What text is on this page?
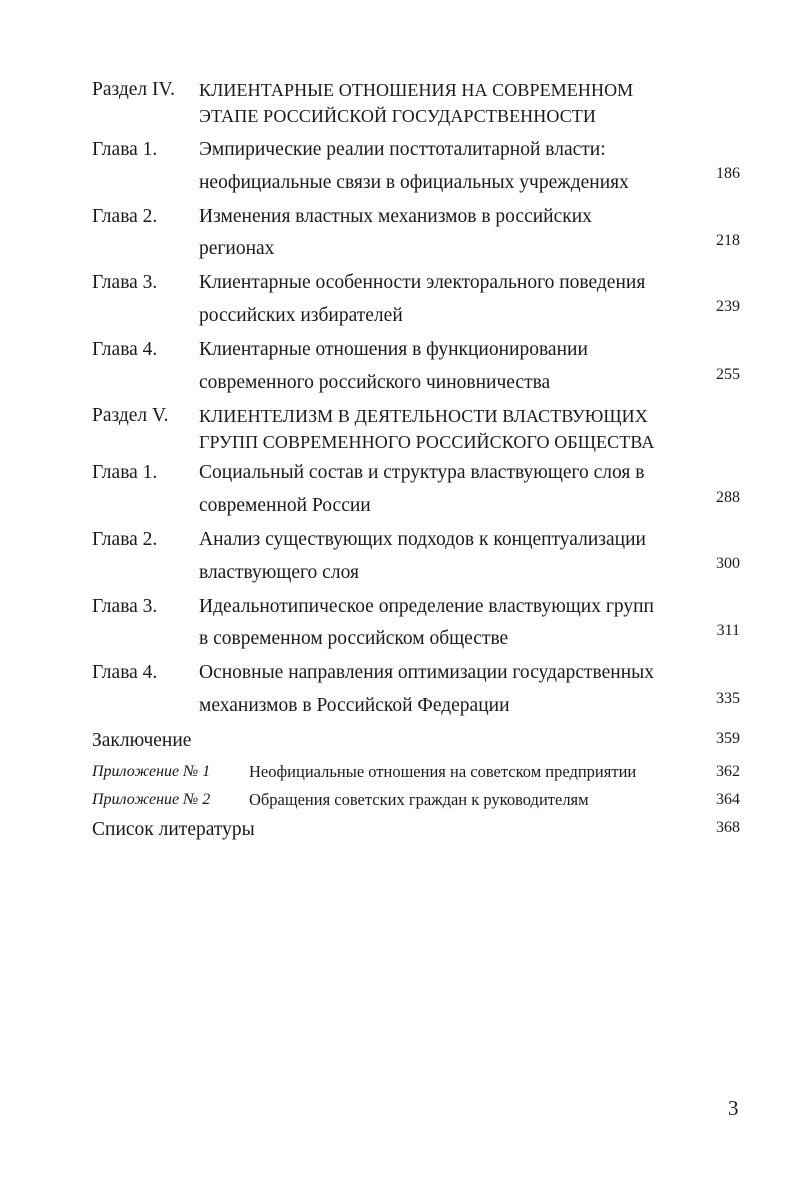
Раздел IV. КЛИЕНТАРНЫЕ ОТНОШЕНИЯ НА СОВРЕМЕННОМ
ЭТАПЕ РОССИЙСКОЙ ГОСУДАРСТВЕННОСТИ
Глава 1. Эмпирические реалии посттоталитарной власти:
неофициальные связи в официальных учреждениях	186
Глава 2. Изменения властных механизмов в российских
регионах	218
Глава 3. Клиентарные особенности электорального поведения
российских избирателей	239
Глава 4. Клиентарные отношения в функционировании
современного российского чиновничества	255
Раздел V. КЛИЕНТЕЛИЗМ В ДЕЯТЕЛЬНОСТИ ВЛАСТВУЮЩИХ
ГРУПП СОВРЕМЕННОГО РОССИЙСКОГО ОБЩЕСТВА
Глава 1. Социальный состав и структура властвующего слоя в
современной России	288
Глава 2. Анализ существующих подходов к концептуализации
властвующего слоя	300
Глава 3. Идеальнотипическое определение властвующих групп
в современном российском обществе	311
Глава 4. Основные направления оптимизации государственных
механизмов в Российской Федерации	335
Заключение	359
Приложение № 1 Неофициальные отношения на советском предприятии	362
Приложение № 2 Обращения советских граждан к руководителям	364
Список литературы	368
3
